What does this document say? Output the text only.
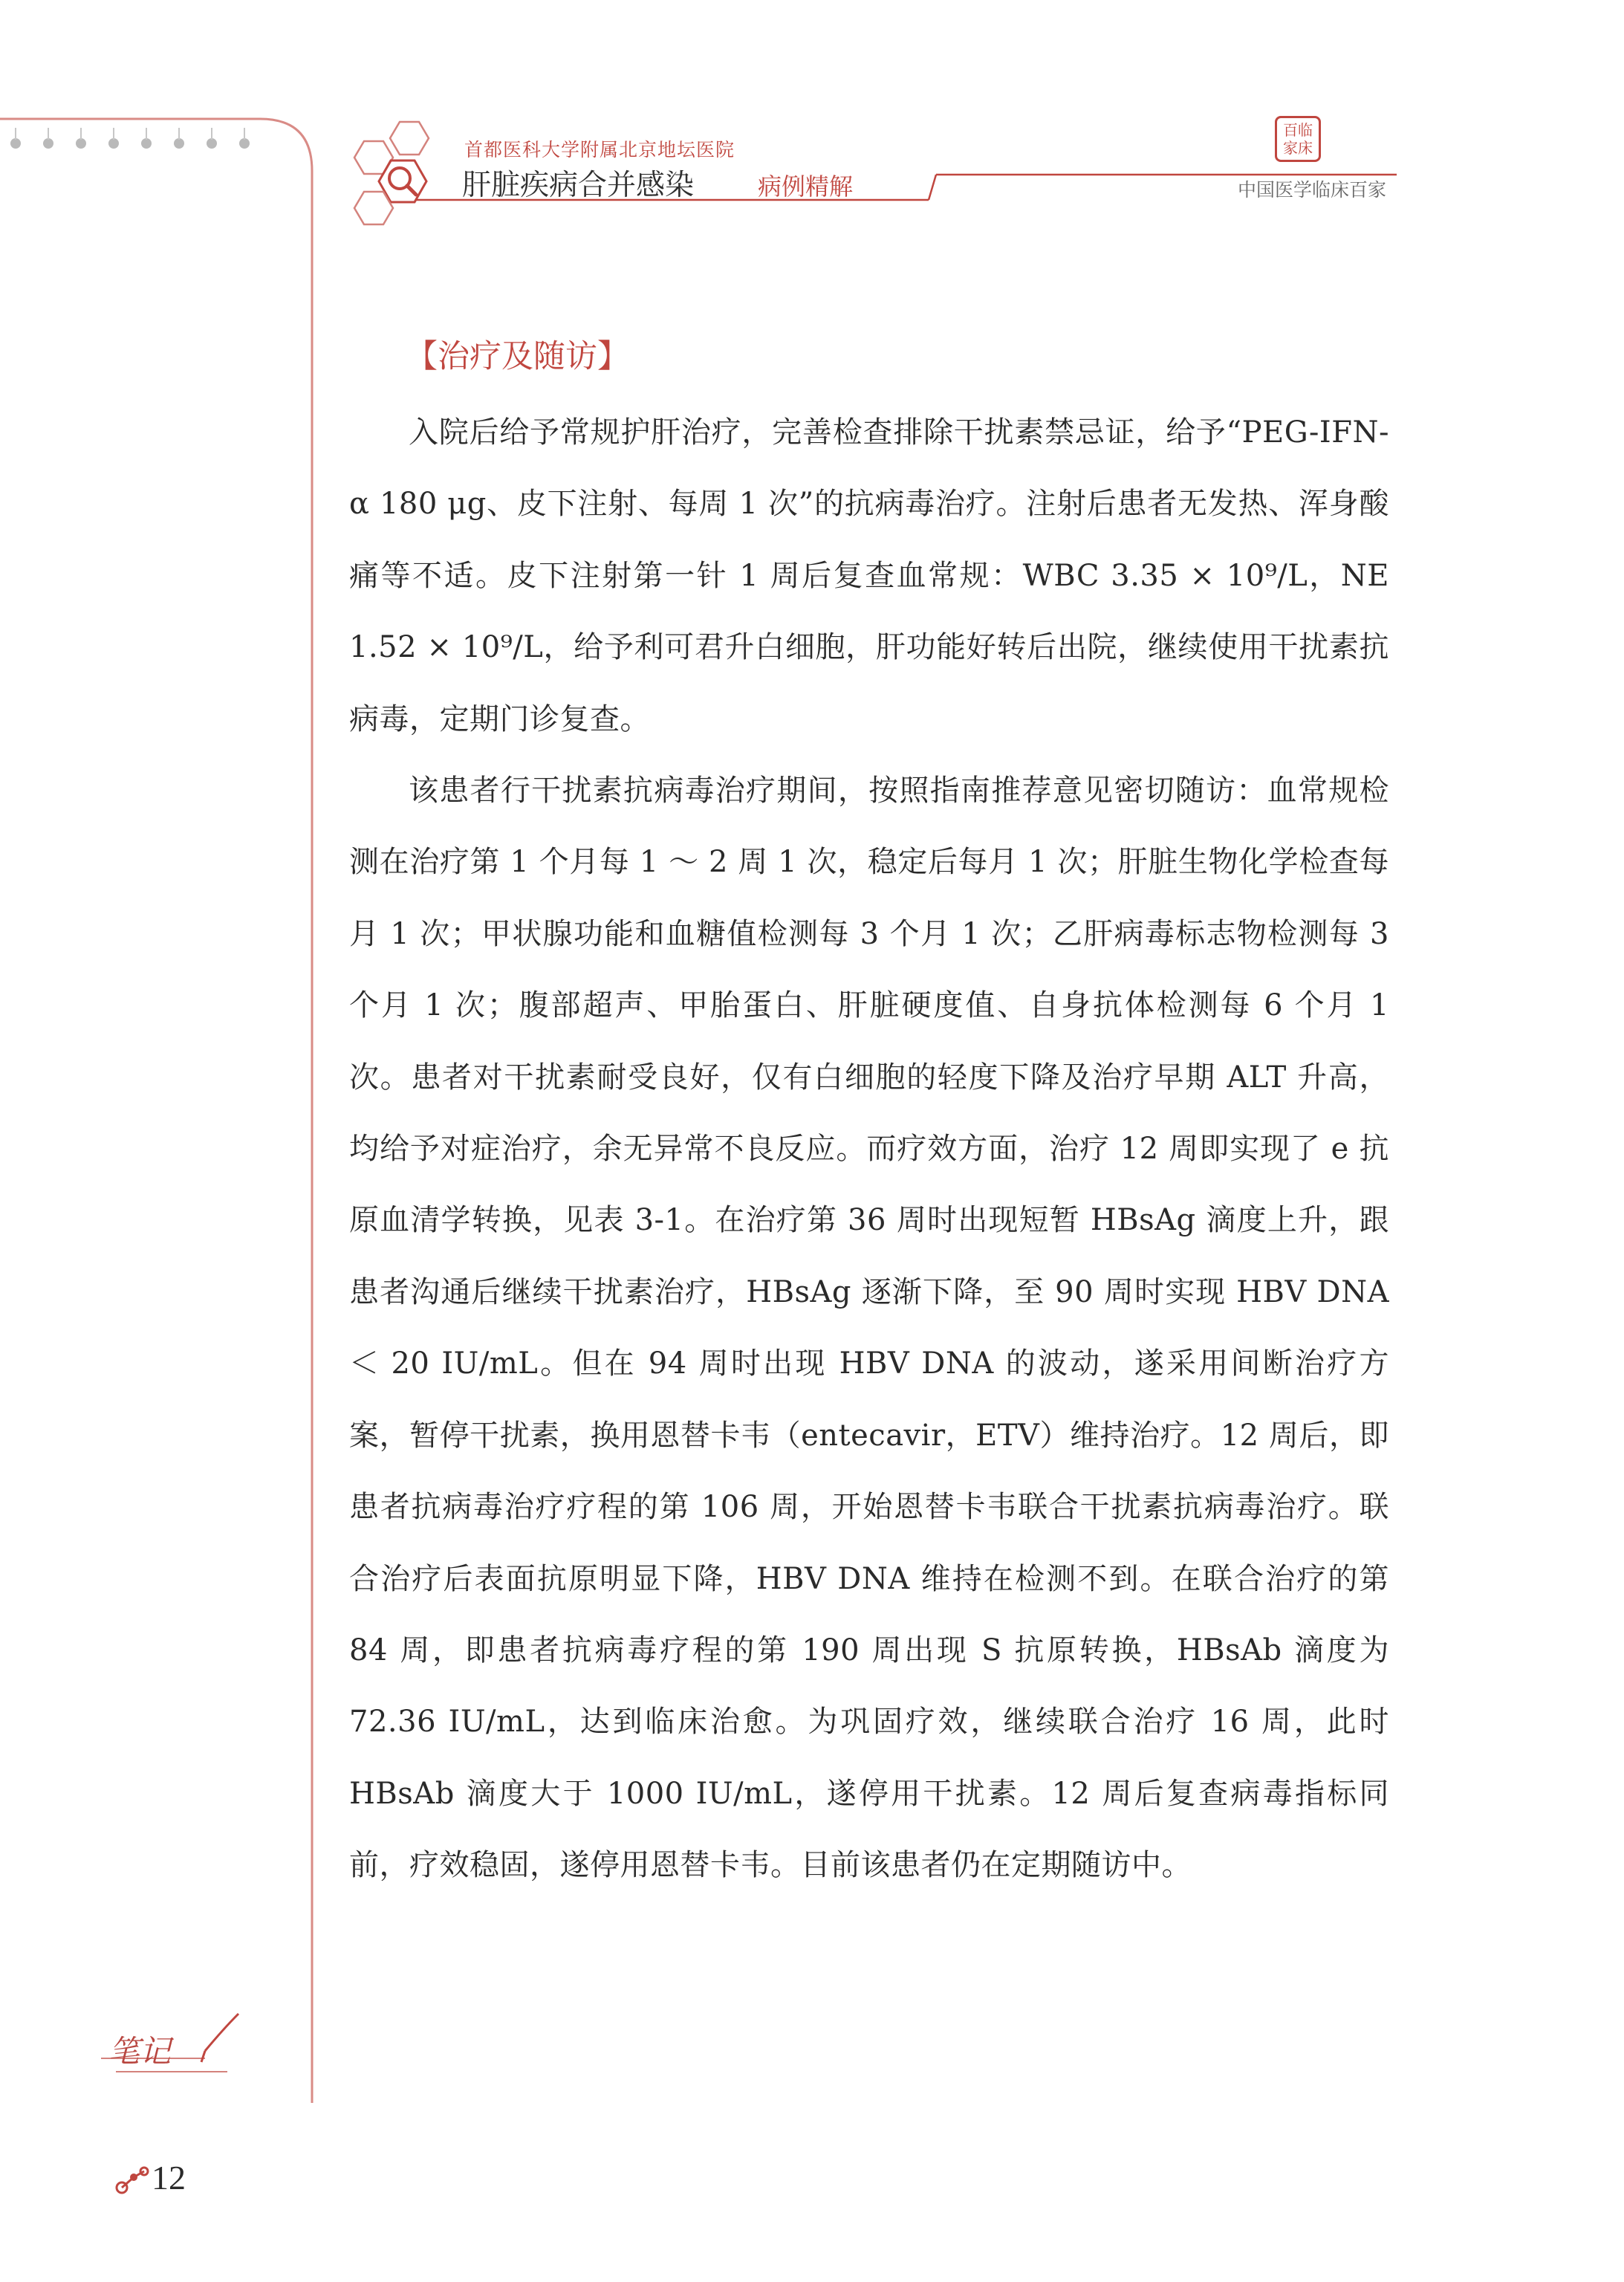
首都医科大学附属北京地坛医院
肝脏疾病合并感染	病例精解
百临家床
中国医学临床百家
【治疗及随访】

入院后给予常规护肝治疗，完善检查排除干扰素禁忌证，给予“PEG-IFN-α 180 μg、皮下注射、每周 1 次”的抗病毒治疗。注射后患者无发热、浑身酸痛等不适。皮下注射第一针 1 周后复查血常规：WBC 3.35 × 10⁹/L，NE 1.52 × 10⁹/L，给予利可君升白细胞，肝功能好转后出院，继续使用干扰素抗病毒，定期门诊复查。

该患者行干扰素抗病毒治疗期间，按照指南推荐意见密切随访：血常规检测在治疗第 1 个月每 1 ～ 2 周 1 次，稳定后每月 1 次；肝脏生物化学检查每月 1 次；甲状腺功能和血糖值检测每 3 个月 1 次；乙肝病毒标志物检测每 3 个月 1 次；腹部超声、甲胎蛋白、肝脏硬度值、自身抗体检测每 6 个月 1 次。患者对干扰素耐受良好，仅有白细胞的轻度下降及治疗早期 ALT 升高，均给予对症治疗，余无异常不良反应。而疗效方面，治疗 12 周即实现了 e 抗原血清学转换，见表 3-1。在治疗第 36 周时出现短暂 HBsAg 滴度上升，跟患者沟通后继续干扰素治疗，HBsAg 逐渐下降，至 90 周时实现 HBV DNA ＜ 20 IU/mL。但在 94 周时出现 HBV DNA 的波动，遂采用间断治疗方案，暂停干扰素，换用恩替卡韦（entecavir，ETV）维持治疗。12 周后，即患者抗病毒治疗疗程的第 106 周，开始恩替卡韦联合干扰素抗病毒治疗。联合治疗后表面抗原明显下降，HBV DNA 维持在检测不到。在联合治疗的第 84 周，即患者抗病毒疗程的第 190 周出现 S 抗原转换，HBsAb 滴度为 72.36 IU/mL，达到临床治愈。为巩固疗效，继续联合治疗 16 周，此时 HBsAb 滴度大于 1000 IU/mL，遂停用干扰素。12 周后复查病毒指标同前，疗效稳固，遂停用恩替卡韦。目前该患者仍在定期随访中。

笔记
12
